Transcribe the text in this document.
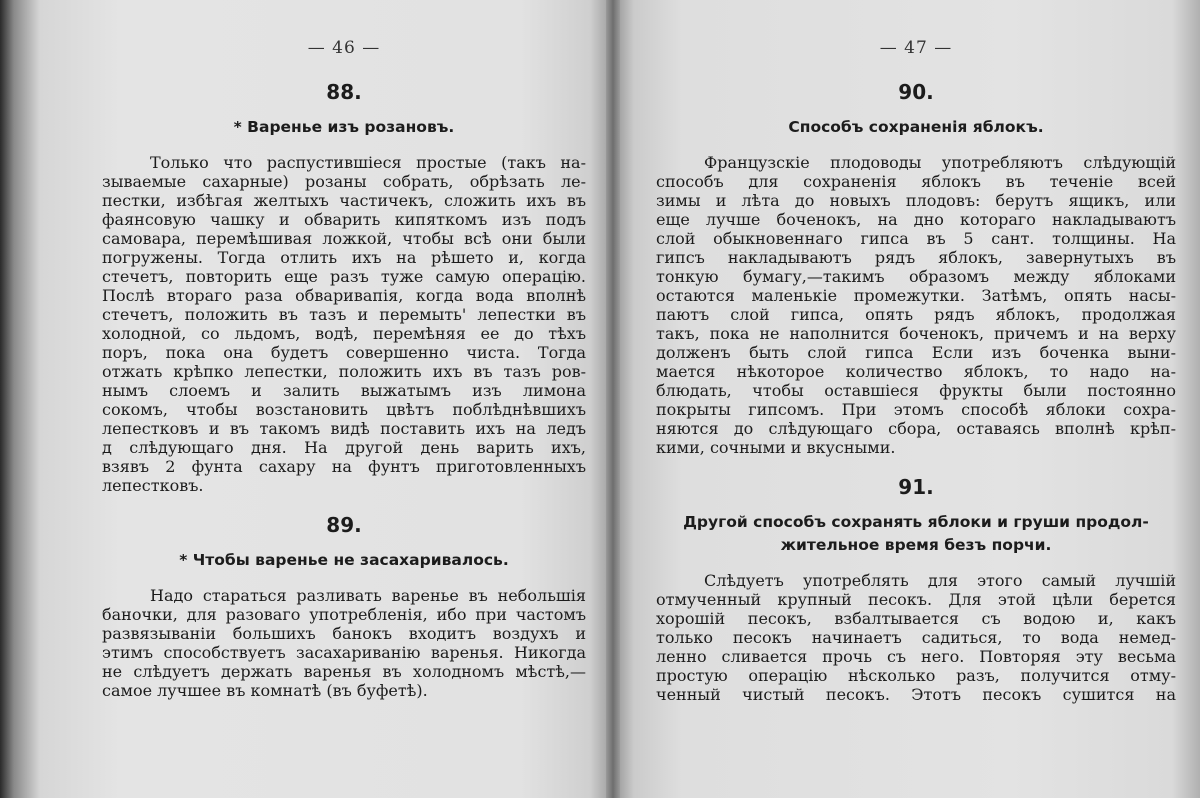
— 46 —
88.
* Варенье изъ розановъ.
Только что распустившіеся простые (такъ на-
зываемые сахарные) розаны собрать, обрѣзать ле-
пестки, избѣгая желтыхъ частичекъ, сложить ихъ въ
фаянсовую чашку и обварить кипяткомъ изъ подъ
самовара, перемѣшивая ложкой, чтобы всѣ они были
погружены. Тогда отлить ихъ на рѣшето и, когда
стечетъ, повторить еще разъ туже самую операцію.
Послѣ втораго раза обваривапія, когда вода вполнѣ
стечетъ, положить въ тазъ и перемыть' лепестки въ
холодной, со льдомъ, водѣ, перемѣняя ее до тѣхъ
поръ, пока она будетъ совершенно чиста. Тогда
отжать крѣпко лепестки, положить ихъ въ тазъ ров-
нымъ слоемъ и залить выжатымъ изъ лимона
сокомъ, чтобы возстановить цвѣтъ поблѣднѣвшихъ
лепестковъ и въ такомъ видѣ поставить ихъ на ледъ
д слѣдующаго дня. На другой день варить ихъ,
взявъ 2 фунта сахару на фунтъ приготовленныхъ
лепестковъ.
89.
* Чтобы варенье не засахаривалось.
Надо стараться разливать варенье въ небольшія
баночки, для разоваго употребленія, ибо при частомъ
развязываніи большихъ банокъ входитъ воздухъ и
этимъ способствуетъ засахариванію варенья. Никогда
не слѣдуетъ держать варенья въ холодномъ мѣстѣ,—
самое лучшее въ комнатѣ (въ буфетѣ).
— 47 —
90.
Способъ сохраненія яблокъ.
Французскіе плодоводы употребляютъ слѣдующій
способъ для сохраненія яблокъ въ теченіе всей
зимы и лѣта до новыхъ плодовъ: берутъ ящикъ, или
еще лучше боченокъ, на дно котораго накладываютъ
слой обыкновеннаго гипса въ 5 сант. толщины. На
гипсъ накладываютъ рядъ яблокъ, завернутыхъ въ
тонкую бумагу,—такимъ образомъ между яблоками
остаются маленькіе промежутки. Затѣмъ, опять насы-
паютъ слой гипса, опять рядъ яблокъ, продолжая
такъ, пока не наполнится боченокъ, причемъ и на верху
долженъ быть слой гипса Если изъ боченка выни-
мается нѣкоторое количество яблокъ, то надо на-
блюдать, чтобы оставшіеся фрукты были постоянно
покрыты гипсомъ. При этомъ способѣ яблоки сохра-
няются до слѣдующаго сбора, оставаясь вполнѣ крѣп-
кими, сочными и вкусными.
91.
Другой способъ сохранять яблоки и груши продол-
жительное время безъ порчи.
Слѣдуетъ употреблять для этого самый лучшій
отмученный крупный песокъ. Для этой цѣли берется
хорошій песокъ, взбалтывается съ водою и, какъ
только песокъ начинаетъ садиться, то вода немед-
ленно сливается прочь съ него. Повторяя эту весьма
простую операцію нѣсколько разъ, получится отму-
ченный чистый песокъ. Этотъ песокъ сушится на
